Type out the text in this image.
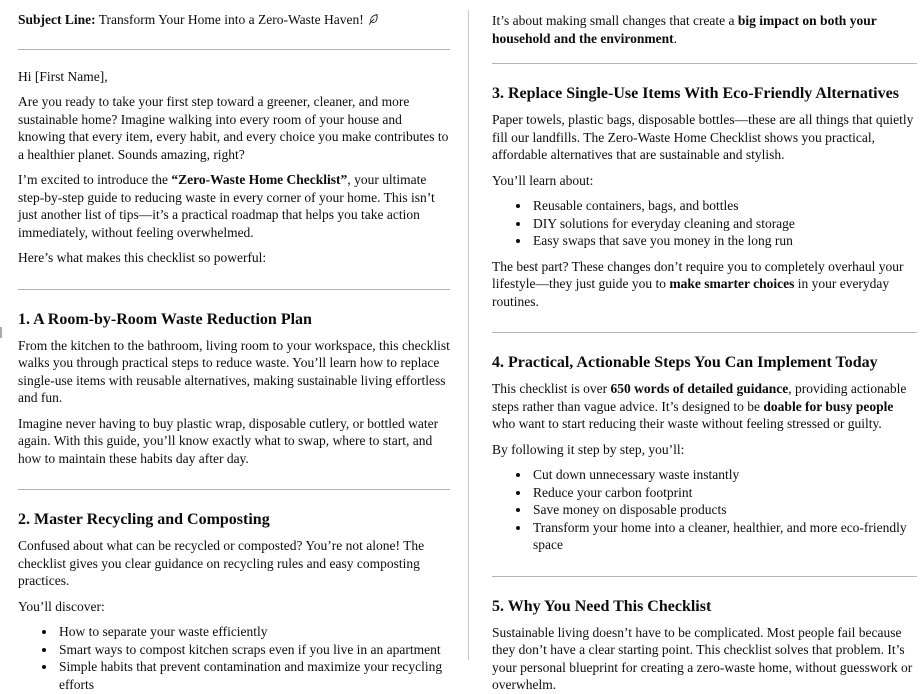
Subject Line: Transform Your Home into a Zero-Waste Haven!

Hi [First Name],

Are you ready to take your first step toward a greener, cleaner, and more sustainable home? Imagine walking into every room of your house and knowing that every item, every habit, and every choice you make contributes to a healthier planet. Sounds amazing, right?

I’m excited to introduce the “Zero-Waste Home Checklist”, your ultimate step-by-step guide to reducing waste in every corner of your home. This isn’t just another list of tips—it’s a practical roadmap that helps you take action immediately, without feeling overwhelmed.

Here’s what makes this checklist so powerful:

1. A Room-by-Room Waste Reduction Plan

From the kitchen to the bathroom, living room to your workspace, this checklist walks you through practical steps to reduce waste. You’ll learn how to replace single-use items with reusable alternatives, making sustainable living effortless and fun.

Imagine never having to buy plastic wrap, disposable cutlery, or bottled water again. With this guide, you’ll know exactly what to swap, where to start, and how to maintain these habits day after day.

2. Master Recycling and Composting

Confused about what can be recycled or composted? You’re not alone! The checklist gives you clear guidance on recycling rules and easy composting practices.

You’ll discover:

• How to separate your waste efficiently
• Smart ways to compost kitchen scraps even if you live in an apartment
• Simple habits that prevent contamination and maximize your recycling efforts

It’s about making small changes that create a big impact on both your household and the environment.

3. Replace Single-Use Items With Eco-Friendly Alternatives

Paper towels, plastic bags, disposable bottles—these are all things that quietly fill our landfills. The Zero-Waste Home Checklist shows you practical, affordable alternatives that are sustainable and stylish.

You’ll learn about:

• Reusable containers, bags, and bottles
• DIY solutions for everyday cleaning and storage
• Easy swaps that save you money in the long run

The best part? These changes don’t require you to completely overhaul your lifestyle—they just guide you to make smarter choices in your everyday routines.

4. Practical, Actionable Steps You Can Implement Today

This checklist is over 650 words of detailed guidance, providing actionable steps rather than vague advice. It’s designed to be doable for busy people who want to start reducing their waste without feeling stressed or guilty.

By following it step by step, you’ll:

• Cut down unnecessary waste instantly
• Reduce your carbon footprint
• Save money on disposable products
• Transform your home into a cleaner, healthier, and more eco-friendly space
5. Why You Need This Checklist

Sustainable living doesn’t have to be complicated. Most people fail because they don’t have a clear starting point. This checklist solves that problem. It’s your personal blueprint for creating a zero-waste home, without guesswork or overwhelm.
